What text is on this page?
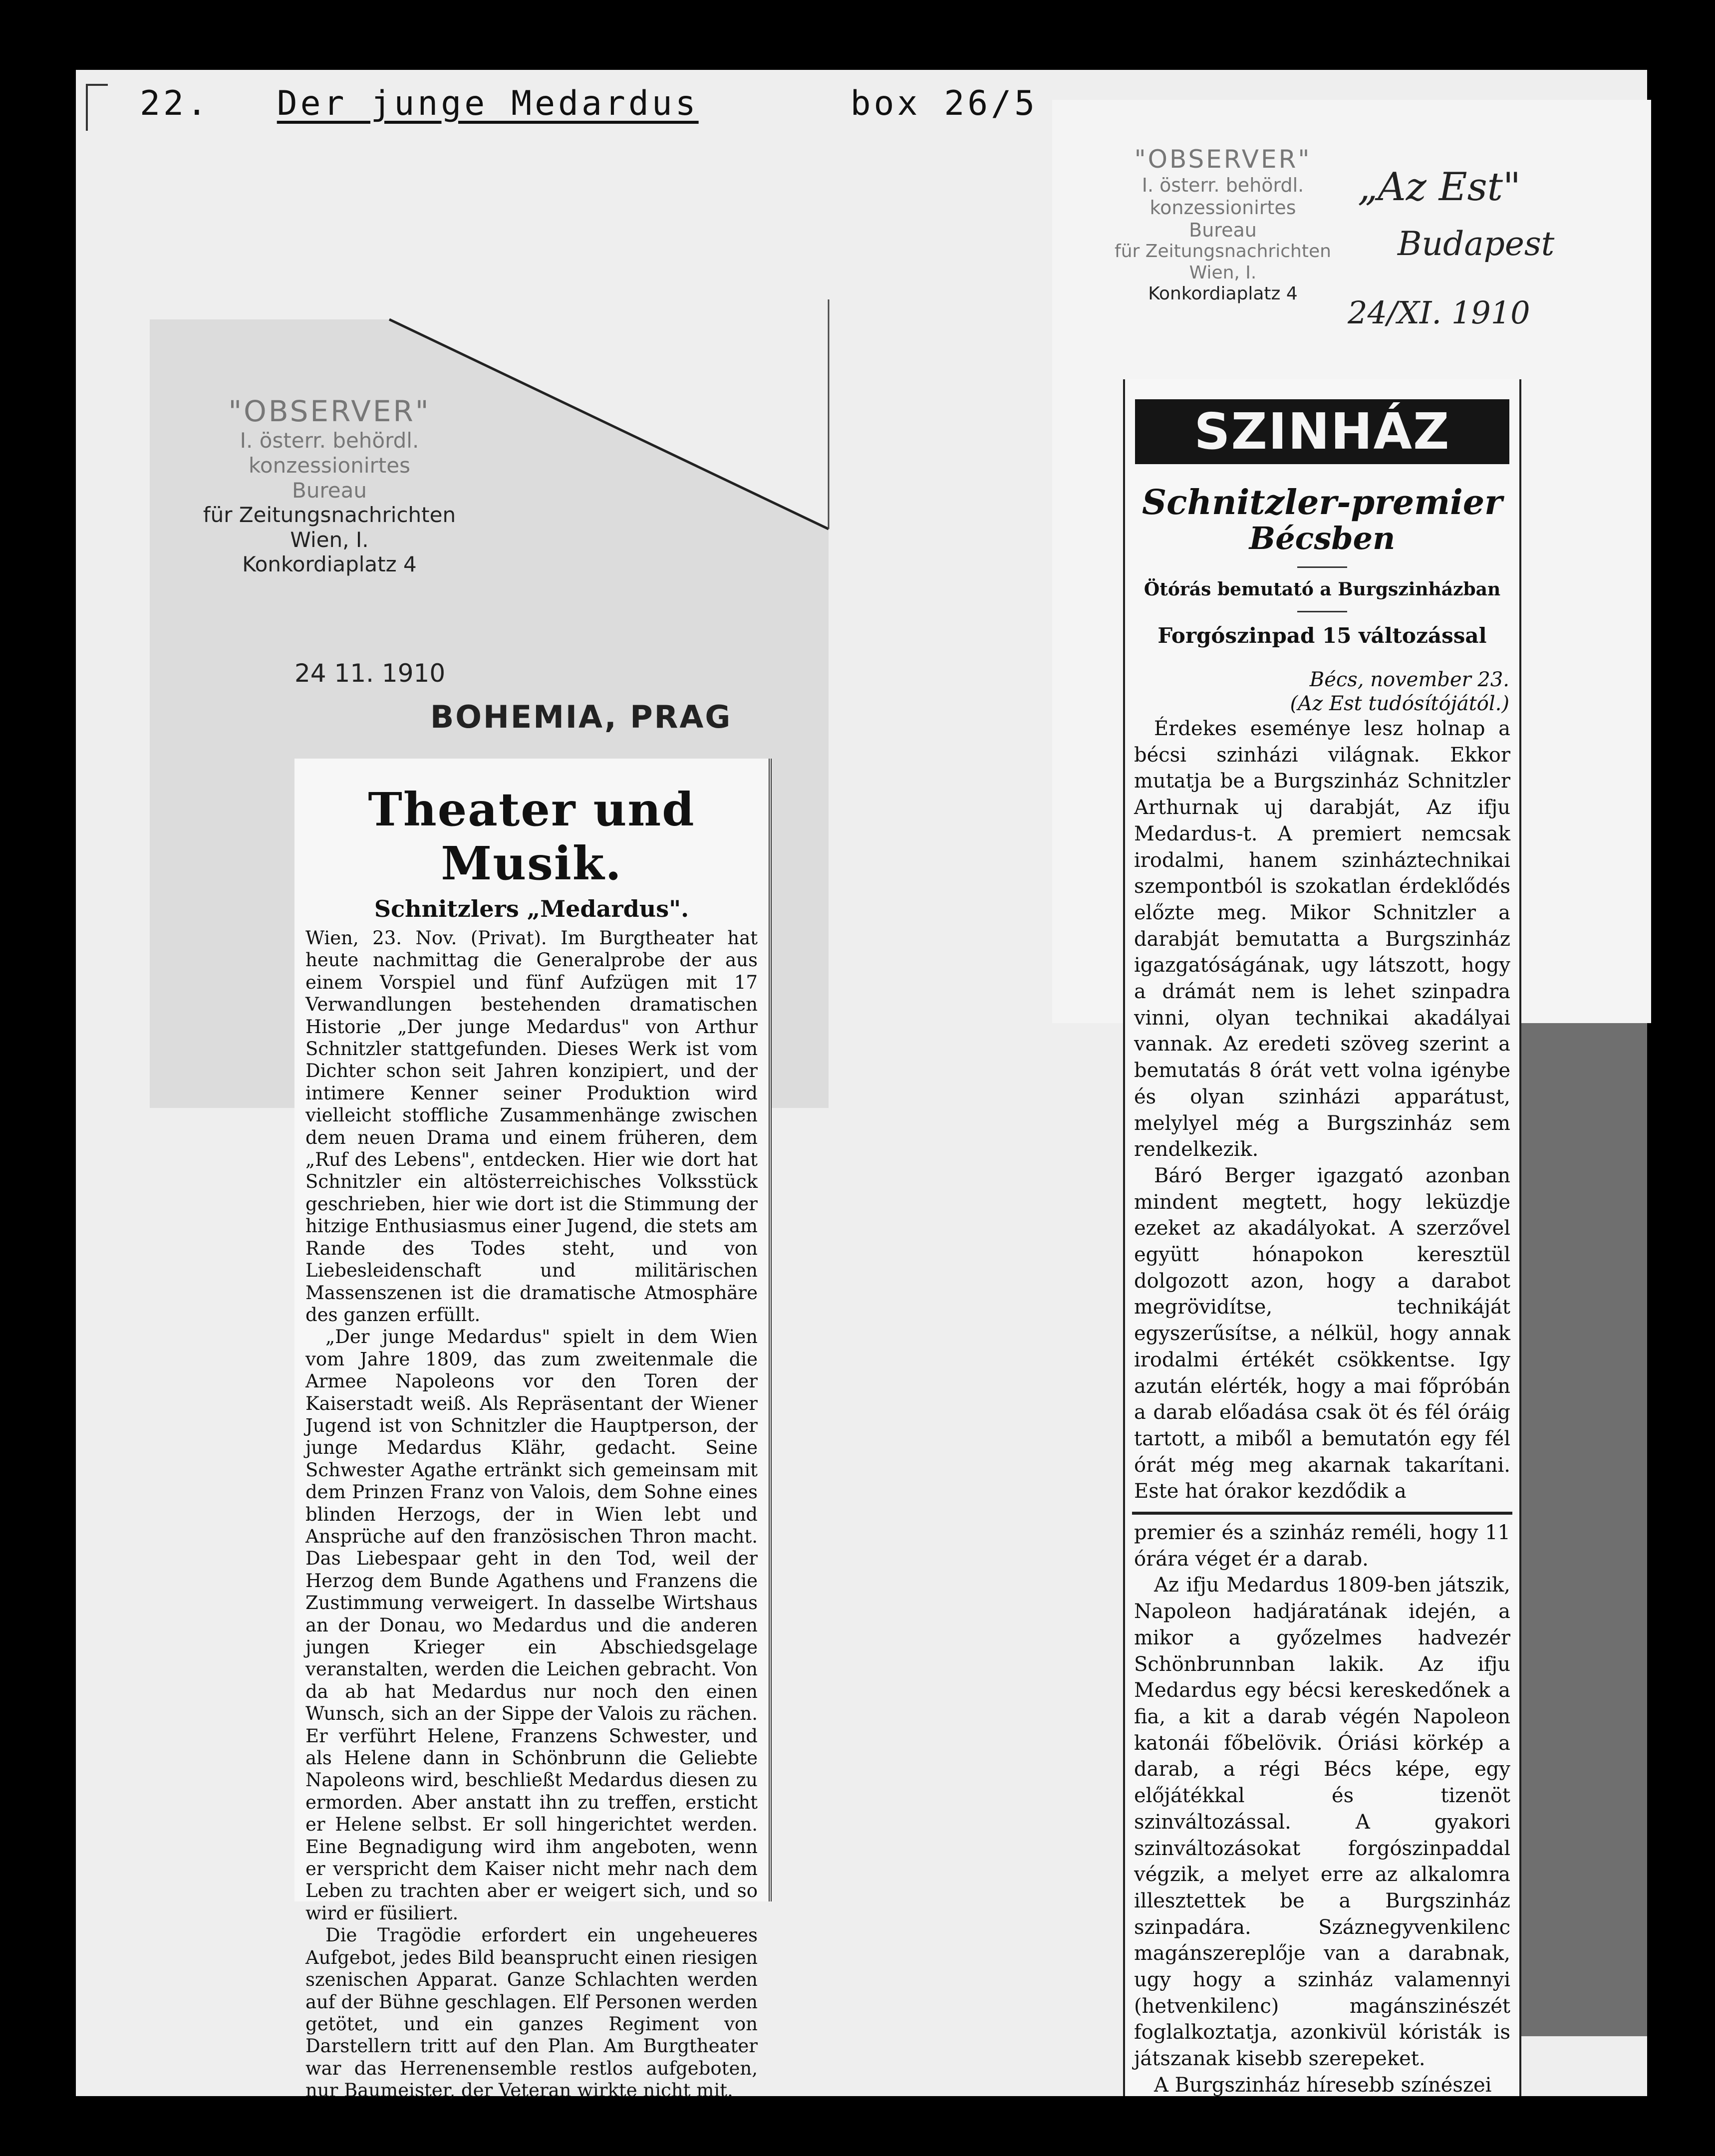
22. Der junge Medardus	box 26/5
"OBSERVER"
I. österr. behördl.
konzessionirtes
Bureau
für Zeitungsnachrichten
Wien, I.
Konkordiaplatz 4
24 11. 1910
BOHEMIA, PRAG
Theater und Musik.
Schnitzlers „Medardus".

Wien, 23. Nov. (Privat). Im Burgtheater hat heute nachmittag die Generalprobe der aus einem Vorspiel und fünf Aufzügen mit 17 Verwandlungen bestehenden dramatischen Historie „Der junge Medardus" von Arthur Schnitzler stattgefunden. Dieses Werk ist vom Dichter schon seit Jahren konzipiert, und der intimere Kenner seiner Produktion wird vielleicht stoffliche Zusammenhänge zwischen dem neuen Drama und einem früheren, dem „Ruf des Lebens", entdecken. Hier wie dort hat Schnitzler ein altösterreichisches Volksstück geschrieben, hier wie dort ist die Stimmung der hitzige Enthusiasmus einer Jugend, die stets am Rande des Todes steht, und von Liebesleidenschaft und militärischen Massenszenen ist die dramatische Atmosphäre des ganzen erfüllt.

„Der junge Medardus" spielt in dem Wien vom Jahre 1809, das zum zweitenmale die Armee Napoleons vor den Toren der Kaiserstadt weiß. Als Repräsentant der Wiener Jugend ist von Schnitzler die Hauptperson, der junge Medardus Klähr, gedacht. Seine Schwester Agathe ertränkt sich gemeinsam mit dem Prinzen Franz von Valois, dem Sohne eines blinden Herzogs, der in Wien lebt und Ansprüche auf den französischen Thron macht. Das Liebespaar geht in den Tod, weil der Herzog dem Bunde Agathens und Franzens die Zustimmung verweigert. In dasselbe Wirtshaus an der Donau, wo Medardus und die anderen jungen Krieger ein Abschiedsgelage veranstalten, werden die Leichen gebracht. Von da ab hat Medardus nur noch den einen Wunsch, sich an der Sippe der Valois zu rächen. Er verführt Helene, Franzens Schwester, und als Helene dann in Schönbrunn die Geliebte Napoleons wird, beschließt Medardus diesen zu ermorden. Aber anstatt ihn zu treffen, ersticht er Helene selbst. Er soll hingerichtet werden. Eine Begnadigung wird ihm angeboten, wenn er verspricht dem Kaiser nicht mehr nach dem Leben zu trachten aber er weigert sich, und so wird er füsiliert.

Die Tragödie erfordert ein ungeheueres Aufgebot, jedes Bild beansprucht einen riesigen szenischen Apparat. Ganze Schlachten werden auf der Bühne geschlagen. Elf Personen werden getötet, und ein ganzes Regiment von Darstellern tritt auf den Plan. Am Burgtheater war das Herrenensemble restlos aufgeboten, nur Baumeister, der Veteran wirkte nicht mit.

"OBSERVER"
I. österr. behördl.
konzessionirtes
Bureau
für Zeitungsnachrichten
Wien, I.
Konkordiaplatz 4
„Az Est"
Budapest
24/XI. 1910
SZINHÁZ
Schnitzler-premier
Bécsben
Ötórás bemutató a Burgszinházban
Forgószinpad 15 változással
Bécs, november 23.
(Az Est tudósítójától.)

Érdekes eseménye lesz holnap a bécsi szinházi világnak. Ekkor mutatja be a Burgszinház Schnitzler Arthurnak uj darabját, Az ifju Medardus-t. A premiert nemcsak irodalmi, hanem szinháztechnikai szempontból is szokatlan érdeklődés előzte meg. Mikor Schnitzler a darabját bemutatta a Burgszinház igazgatóságának, ugy látszott, hogy a drámát nem is lehet szinpadra vinni, olyan technikai akadályai vannak. Az eredeti szöveg szerint a bemutatás 8 órát vett volna igénybe és olyan szinházi apparátust, melylyel még a Burgszinház sem rendelkezik.

Báró Berger igazgató azonban mindent megtett, hogy leküzdje ezeket az akadályokat. A szerzővel együtt hónapokon keresztül dolgozott azon, hogy a darabot megrövidítse, technikáját egyszerűsítse, a nélkül, hogy annak irodalmi értékét csökkentse. Igy azután elérték, hogy a mai főpróbán a darab előadása csak öt és fél óráig tartott, a miből a bemutatón egy fél órát még meg akarnak takarítani. Este hat órakor kezdődik a

premier és a szinház reméli, hogy 11 órára véget ér a darab.

Az ifju Medardus 1809-ben játszik, Napoleon hadjáratának idején, a mikor a győzelmes hadvezér Schönbrunnban lakik. Az ifju Medardus egy bécsi kereskedőnek a fia, a kit a darab végén Napoleon katonái főbelövik. Óriási körkép a darab, a régi Bécs képe, egy előjátékkal és tizenöt szinváltozással. A gyakori szinváltozásokat forgószinpaddal végzik, a melyet erre az alkalomra illesztettek be a Burgszinház szinpadára. Száznegyvenkilenc magánszereplője van a darabnak, ugy hogy a szinház valamennyi (hetvenkilenc) magánszinészét foglalkoztatja, azonkivül kóristák is játszanak kisebb szerepeket.

A Burgszinház híresebb színészei
